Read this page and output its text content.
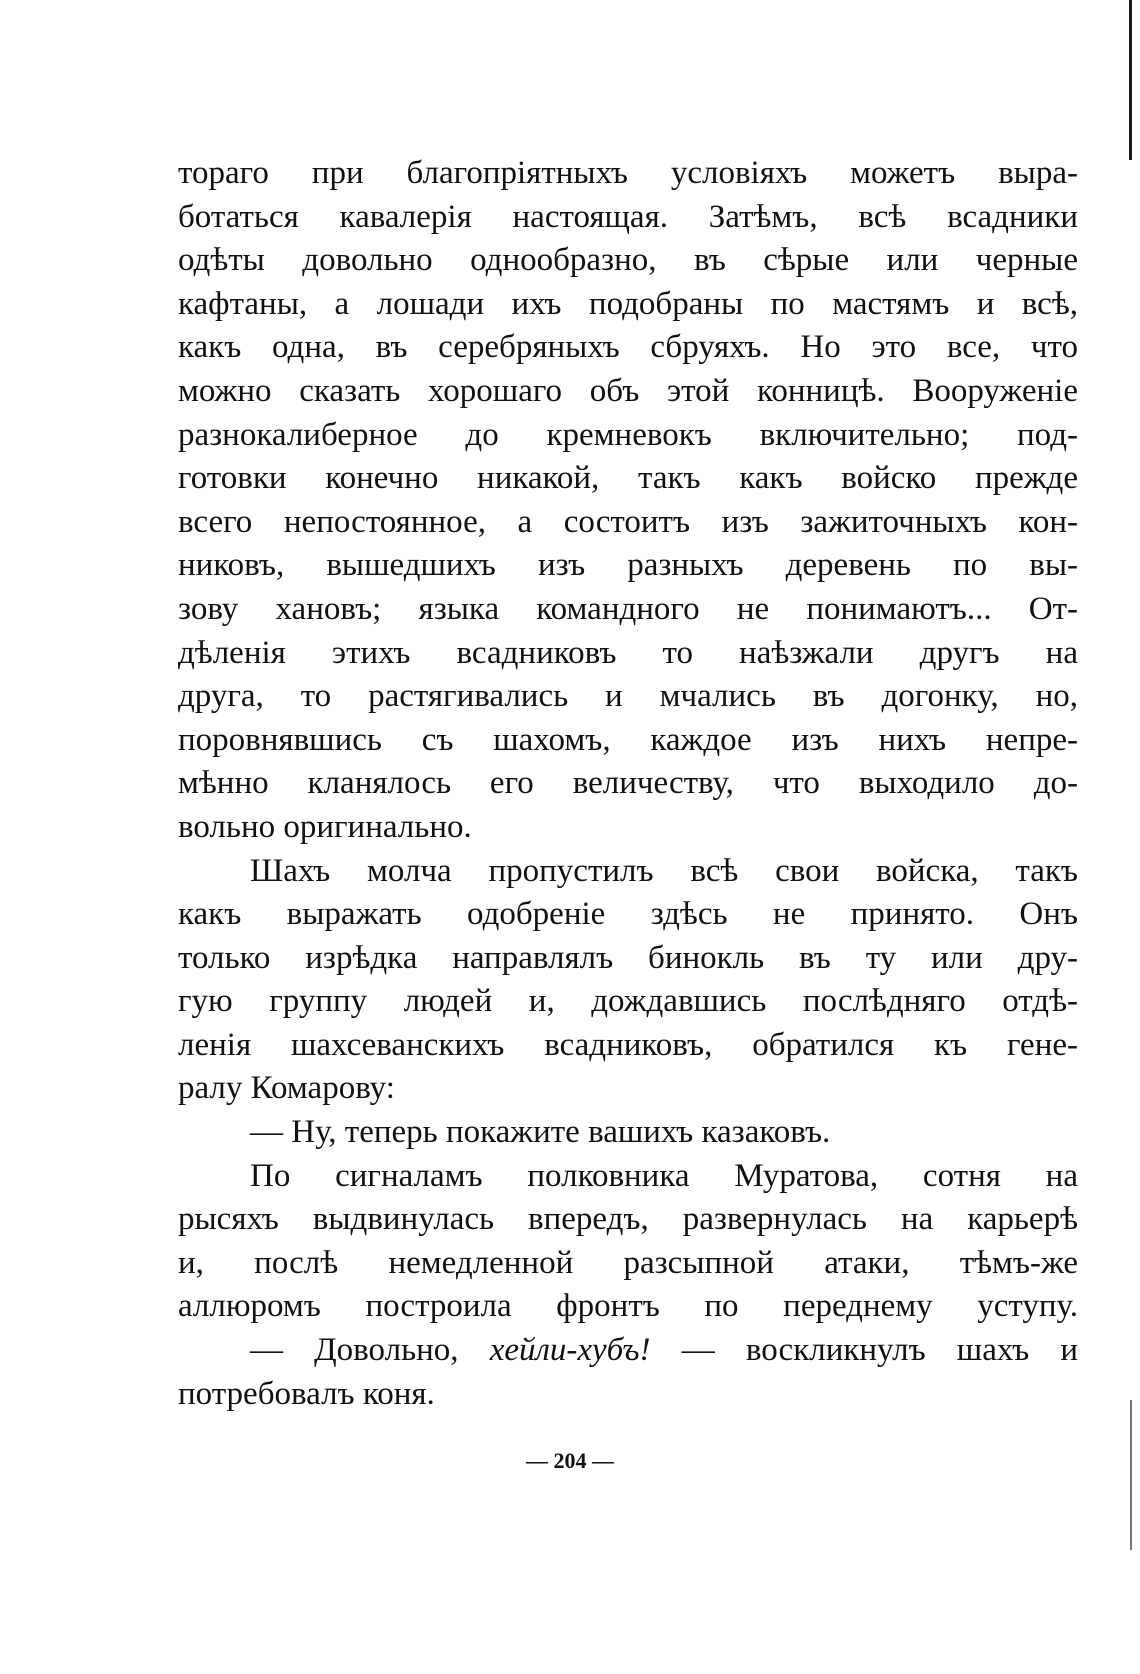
тораго при благопріятныхъ условіяхъ можетъ выра-
ботаться кавалерія настоящая. Затѣмъ, всѣ всадники
одѣты довольно однообразно, въ сѣрые или черные
кафтаны, а лошади ихъ подобраны по мастямъ и всѣ,
какъ одна, въ серебряныхъ сбруяхъ. Но это все, что
можно сказать хорошаго объ этой конницѣ. Вооруженіе
разнокалиберное до кремневокъ включительно; под-
готовки конечно никакой, такъ какъ войско прежде
всего непостоянное, а состоитъ изъ зажиточныхъ кон-
никовъ, вышедшихъ изъ разныхъ деревень по вы-
зову хановъ; языка командного не понимаютъ... От-
дѣленія этихъ всадниковъ то наѣзжали другъ на
друга, то растягивались и мчались въ догонку, но,
поровнявшись съ шахомъ, каждое изъ нихъ непре-
мѣнно кланялось его величеству, что выходило до-
вольно оригинально.
Шахъ молча пропустилъ всѣ свои войска, такъ
какъ выражать одобреніе здѣсь не принято. Онъ
только изрѣдка направлялъ бинокль въ ту или дру-
гую группу людей и, дождавшись послѣдняго отдѣ-
ленія шахсеванскихъ всадниковъ, обратился къ гене-
ралу Комарову:
— Ну, теперь покажите вашихъ казаковъ.
По сигналамъ полковника Муратова, сотня на
рысяхъ выдвинулась впередъ, развернулась на карьерѣ
и, послѣ немедленной разсыпной атаки, тѣмъ-же
аллюромъ построила фронтъ по переднему уступу.
— Довольно, хейли-хубъ! — воскликнулъ шахъ и
потребовалъ коня.
— 204 —
